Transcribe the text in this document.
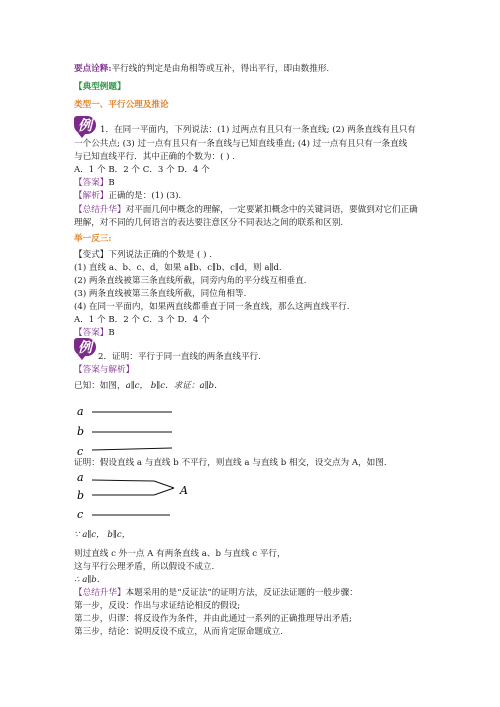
要点诠释:平行线的判定是由角相等或互补，得出平行，即由数推形.
【典型例题】
类型一、平行公理及推论
例 1．在同一平面内，下列说法：(1) 过两点有且只有一条直线; (2) 两条直线有且只有
一个公共点; (3) 过一点有且只有一条直线与已知直线垂直; (4) 过一点有且只有一条直线
与已知直线平行．其中正确的个数为：( ) .
A．1 个 B．2 个 C．3 个 D．4 个
【答案】B
【解析】正确的是：(1) (3).
【总结升华】对平面几何中概念的理解，一定要紧扣概念中的关键词语，要做到对它们正确
理解，对不同的几何语言的表达要注意区分不同表达之间的联系和区别.
举一反三:
【变式】下列说法正确的个数是 ( ) .
(1) 直线 a、b、c、d，如果 a∥b、c∥b、c∥d，则 a∥d.
(2) 两条直线被第三条直线所截，同旁内角的平分线互相垂直.
(3) 两条直线被第三条直线所截，同位角相等.
(4) 在同一平面内，如果两直线都垂直于同一条直线，那么这两直线平行.
A．1 个 B．2 个 C．3 个 D．4 个
【答案】B
例
2．证明：平行于同一直线的两条直线平行.
【答案与解析】
已知：如图，a∥c， b∥c．求证：a∥b．
a
b
c
证明：假设直线 a 与直线 b 不平行，则直线 a 与直线 b 相交，设交点为 A，如图.
a
b	A
c
∵ a∥c， b∥c，
则过直线 c 外一点 A 有两条直线 a、b 与直线 c 平行，
这与平行公理矛盾，所以假设不成立.
∴ a∥b．
【总结升华】本题采用的是“反证法”的证明方法，反证法证题的一般步骤：
第一步，反设：作出与求证结论相反的假设;
第二步，归谬：将反设作为条件，并由此通过一系列的正确推理导出矛盾;
第三步，结论：说明反设不成立，从而肯定原命题成立.
